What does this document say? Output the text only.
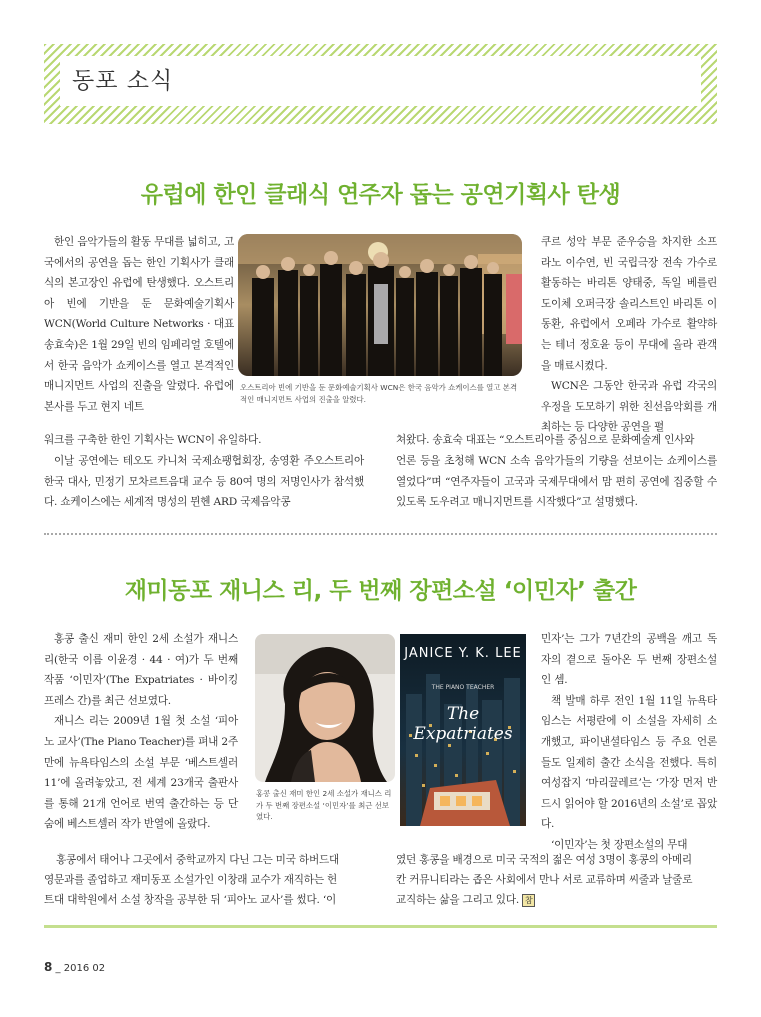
동포 소식
유럽에 한인 클래식 연주자 돕는 공연기획사 탄생

한인 음악가들의 활동 무대를 넓히고, 고국에서의 공연을 돕는 한인 기획사가 클래식의 본고장인 유럽에 탄생했다. 오스트리아 빈에 기반을 둔 문화예술기획사 WCN(World Culture Networks · 대표 송효숙)은 1월 29일 빈의 임페리얼 호텔에서 한국 음악가 쇼케이스를 열고 본격적인 매니지먼트 사업의 진출을 알렸다. 유럽에 본사를 두고 현지 네트

오스트리아 빈에 기반을 둔 문화예술기획사 WCN은 한국 음악가 쇼케이스를 열고 본격적인 매니지먼트 사업의 진출을 알렸다.

쿠르 성악 부문 준우승을 차지한 소프라노 이수연, 빈 국립극장 전속 가수로 활동하는 바리톤 양태중, 독일 베를린 도이체 오퍼극장 솔리스트인 바리톤 이동환, 유럽에서 오페라 가수로 활약하는 테너 정호윤 등이 무대에 올라 관객을 매료시켰다.

WCN은 그동안 한국과 유럽 각국의 우정을 도모하기 위한 친선음악회를 개최하는 등 다양한 공연을 펼

워크를 구축한 한인 기획사는 WCN이 유일하다.	쳐왔다. 송효숙 대표는 “오스트리아를 중심으로 문화예술계 인사와

이날 공연에는 테오도 카니처 국제쇼팽협회장, 송영환 주오스트리아 한국 대사, 민정기 모차르트음대 교수 등 80여 명의 저명인사가 참석했다. 쇼케이스에는 세계적 명성의 뮌헨 ARD 국제음악콩

언론 등을 초청해 WCN 소속 음악가들의 기량을 선보이는 쇼케이스를 열었다”며 “연주자들이 고국과 국제무대에서 맘 편히 공연에 집중할 수 있도록 도우려고 매니지먼트를 시작했다”고 설명했다.

재미동포 재니스 리, 두 번째 장편소설 ‘이민자’ 출간

홍콩 출신 재미 한인 2세 소설가 재니스 리(한국 이름 이윤경 · 44 · 여)가 두 번째 작품 ‘이민자’(The Expatriates · 바이킹 프레스 간)를 최근 선보였다.

재니스 리는 2009년 1월 첫 소설 ‘피아노 교사’(The Piano Teacher)를 펴내 2주 만에 뉴욕타임스의 소설 부문 ‘베스트셀러 11’에 올려놓았고, 전 세계 23개국 출판사를 통해 21개 언어로 번역 출간하는 등 단숨에 베스트셀러 작가 반열에 올랐다.

홍콩 출신 재미 한인 2세 소설가 재니스 리가 두 번째 장편소설 ‘이민자’를 최근 선보였다.
JANICE Y. K. LEE
THE PIANO TEACHER
The Expatriates

민자’는 그가 7년간의 공백을 깨고 독자의 곁으로 돌아온 두 번째 장편소설인 셈.

책 발매 하루 전인 1월 11일 뉴욕타임스는 서평란에 이 소설을 자세히 소개했고, 파이낸셜타임스 등 주요 언론들도 일제히 출간 소식을 전했다. 특히 여성잡지 ‘마리끌레르’는 ‘가장 먼저 반드시 읽어야 할 2016년의 소설’로 꼽았다.

‘이민자’는 첫 장편소설의 무대

홍콩에서 태어나 그곳에서 중학교까지 다닌 그는 미국 하버드대
영문과를 졸업하고 재미동포 소설가인 이창래 교수가 재직하는 헌
트대 대학원에서 소설 창작을 공부한 뒤 ‘피아노 교사’를 썼다. ‘이
였던 홍콩을 배경으로 미국 국적의 젊은 여성 3명이 홍콩의 아메리
칸 커뮤니티라는 좁은 사회에서 만나 서로 교류하며 씨줄과 날줄로
교직하는 삶을 그리고 있다. 참
8 _ 2016 02
